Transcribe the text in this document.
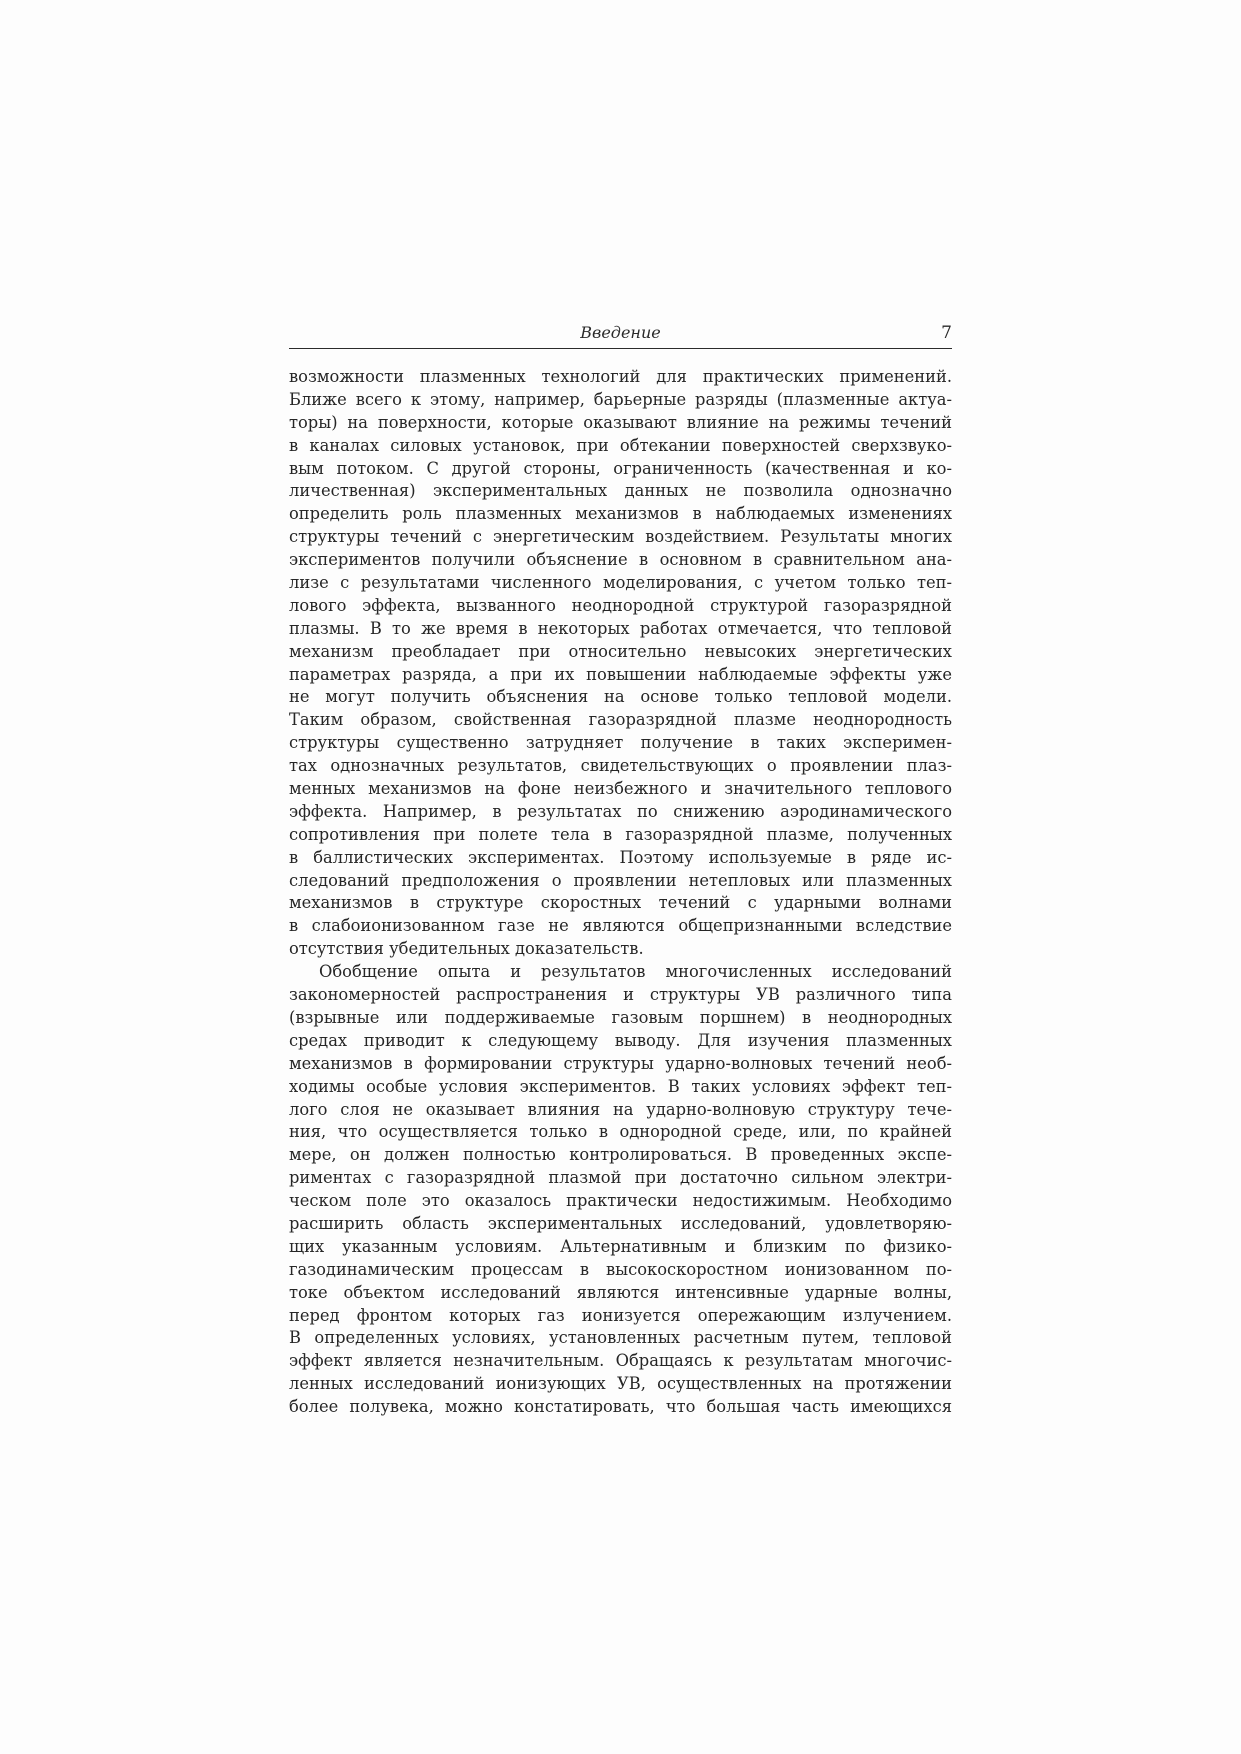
Введение	7
возможности плазменных технологий для практических применений.
Ближе всего к этому, например, барьерные разряды (плазменные актуа-
торы) на поверхности, которые оказывают влияние на режимы течений
в каналах силовых установок, при обтекании поверхностей сверхзвуко-
вым потоком. С другой стороны, ограниченность (качественная и ко-
личественная) экспериментальных данных не позволила однозначно
определить роль плазменных механизмов в наблюдаемых изменениях
структуры течений с энергетическим воздействием. Результаты многих
экспериментов получили объяснение в основном в сравнительном ана-
лизе с результатами численного моделирования, с учетом только теп-
лового эффекта, вызванного неоднородной структурой газоразрядной
плазмы. В то же время в некоторых работах отмечается, что тепловой
механизм преобладает при относительно невысоких энергетических
параметрах разряда, а при их повышении наблюдаемые эффекты уже
не могут получить объяснения на основе только тепловой модели.
Таким образом, свойственная газоразрядной плазме неоднородность
структуры существенно затрудняет получение в таких эксперимен-
тах однозначных результатов, свидетельствующих о проявлении плаз-
менных механизмов на фоне неизбежного и значительного теплового
эффекта. Например, в результатах по снижению аэродинамического
сопротивления при полете тела в газоразрядной плазме, полученных
в баллистических экспериментах. Поэтому используемые в ряде ис-
следований предположения о проявлении нетепловых или плазменных
механизмов в структуре скоростных течений с ударными волнами
в слабоионизованном газе не являются общепризнанными вследствие
отсутствия убедительных доказательств.
Обобщение опыта и результатов многочисленных исследований
закономерностей распространения и структуры УВ различного типа
(взрывные или поддерживаемые газовым поршнем) в неоднородных
средах приводит к следующему выводу. Для изучения плазменных
механизмов в формировании структуры ударно-волновых течений необ-
ходимы особые условия экспериментов. В таких условиях эффект теп-
лого слоя не оказывает влияния на ударно-волновую структуру тече-
ния, что осуществляется только в однородной среде, или, по крайней
мере, он должен полностью контролироваться. В проведенных экспе-
риментах с газоразрядной плазмой при достаточно сильном электри-
ческом поле это оказалось практически недостижимым. Необходимо
расширить область экспериментальных исследований, удовлетворяю-
щих указанным условиям. Альтернативным и близким по физико-
газодинамическим процессам в высокоскоростном ионизованном по-
токе объектом исследований являются интенсивные ударные волны,
перед фронтом которых газ ионизуется опережающим излучением.
В определенных условиях, установленных расчетным путем, тепловой
эффект является незначительным. Обращаясь к результатам многочис-
ленных исследований ионизующих УВ, осуществленных на протяжении
более полувека, можно констатировать, что большая часть имеющихся
